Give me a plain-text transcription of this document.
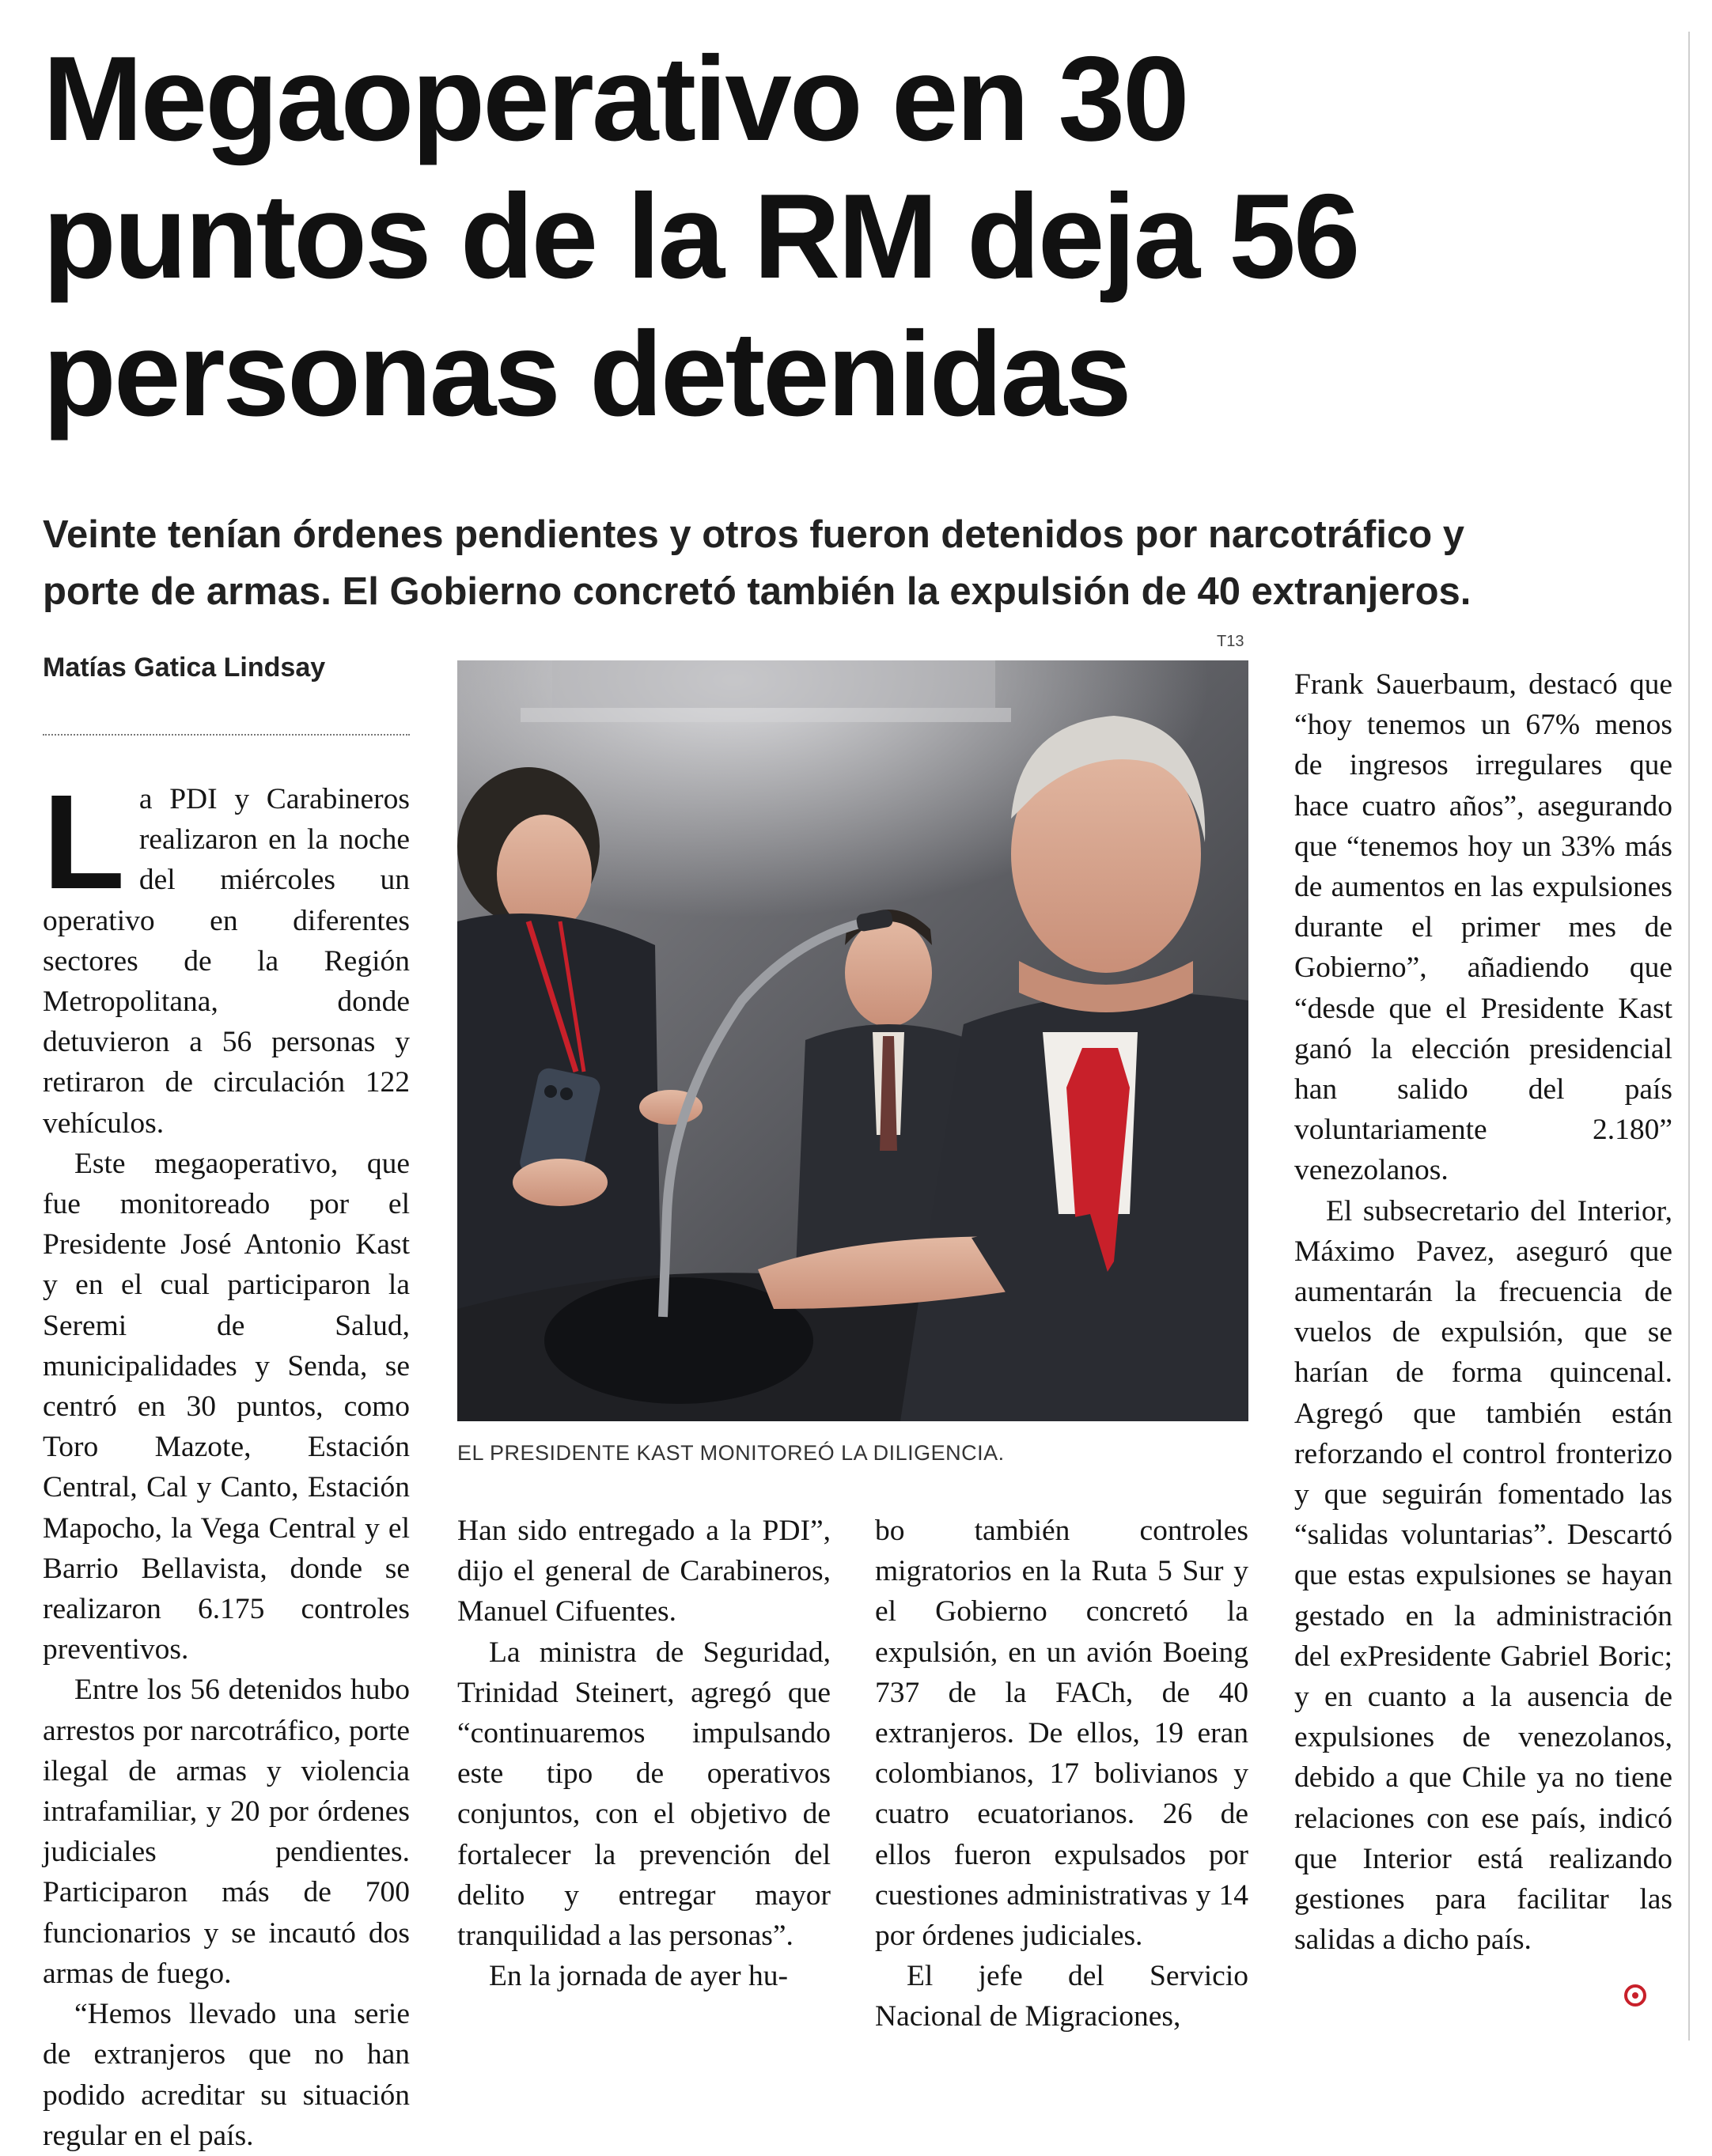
Megaoperativo en 30
puntos de la RM deja 56
personas detenidas
Veinte tenían órdenes pendientes y otros fueron detenidos por narcotráfico y
porte de armas. El Gobierno concretó también la expulsión de 40 extranjeros.
Matías Gatica Lindsay

La PDI y Carabineros realizaron en la noche del miércoles un operativo en diferentes sectores de la Región Metropolitana, donde detuvieron a 56 personas y retiraron de circulación 122 vehículos.

Este megaoperativo, que fue monitoreado por el Presidente José Antonio Kast y en el cual participaron la Seremi de Salud, municipalidades y Senda, se centró en 30 puntos, como Toro Mazote, Estación Central, Cal y Canto, Estación Mapocho, la Vega Central y el Barrio Bellavista, donde se realizaron 6.175 controles preventivos.

Entre los 56 detenidos hubo arrestos por narcotráfico, porte ilegal de armas y violencia intrafamiliar, y 20 por órdenes judiciales pendientes. Participaron más de 700 funcionarios y se incautó dos armas de fuego.

“Hemos llevado una serie de extranjeros que no han podido acreditar su situación regular en el país.

T13
EL PRESIDENTE KAST MONITOREÓ LA DILIGENCIA.

Han sido entregado a la PDI”, dijo el general de Carabineros, Manuel Cifuentes.

La ministra de Seguridad, Trinidad Steinert, agregó que “continuaremos impulsando este tipo de operativos conjuntos, con el objetivo de fortalecer la prevención del delito y entregar mayor tranquilidad a las personas”.

En la jornada de ayer hu-

bo también controles migratorios en la Ruta 5 Sur y el Gobierno concretó la expulsión, en un avión Boeing 737 de la FACh, de 40 extranjeros. De ellos, 19 eran colombianos, 17 bolivianos y cuatro ecuatorianos. 26 de ellos fueron expulsados por cuestiones administrativas y 14 por órdenes judiciales.

El jefe del Servicio Nacional de Migraciones,

Frank Sauerbaum, destacó que “hoy tenemos un 67% menos de ingresos irregulares que hace cuatro años”, asegurando que “tenemos hoy un 33% más de aumentos en las expulsiones durante el primer mes de Gobierno”, añadiendo que “desde que el Presidente Kast ganó la elección presidencial han salido del país voluntariamente 2.180” venezolanos.

El subsecretario del Interior, Máximo Pavez, aseguró que aumentarán la frecuencia de vuelos de expulsión, que se harían de forma quincenal. Agregó que también están reforzando el control fronterizo y que seguirán fomentado las “salidas voluntarias”. Descartó que estas expulsiones se hayan gestado en la administración del exPresidente Gabriel Boric; y en cuanto a la ausencia de expulsiones de venezolanos, debido a que Chile ya no tiene relaciones con ese país, indicó que Interior está realizando gestiones para facilitar las salidas a dicho país.
